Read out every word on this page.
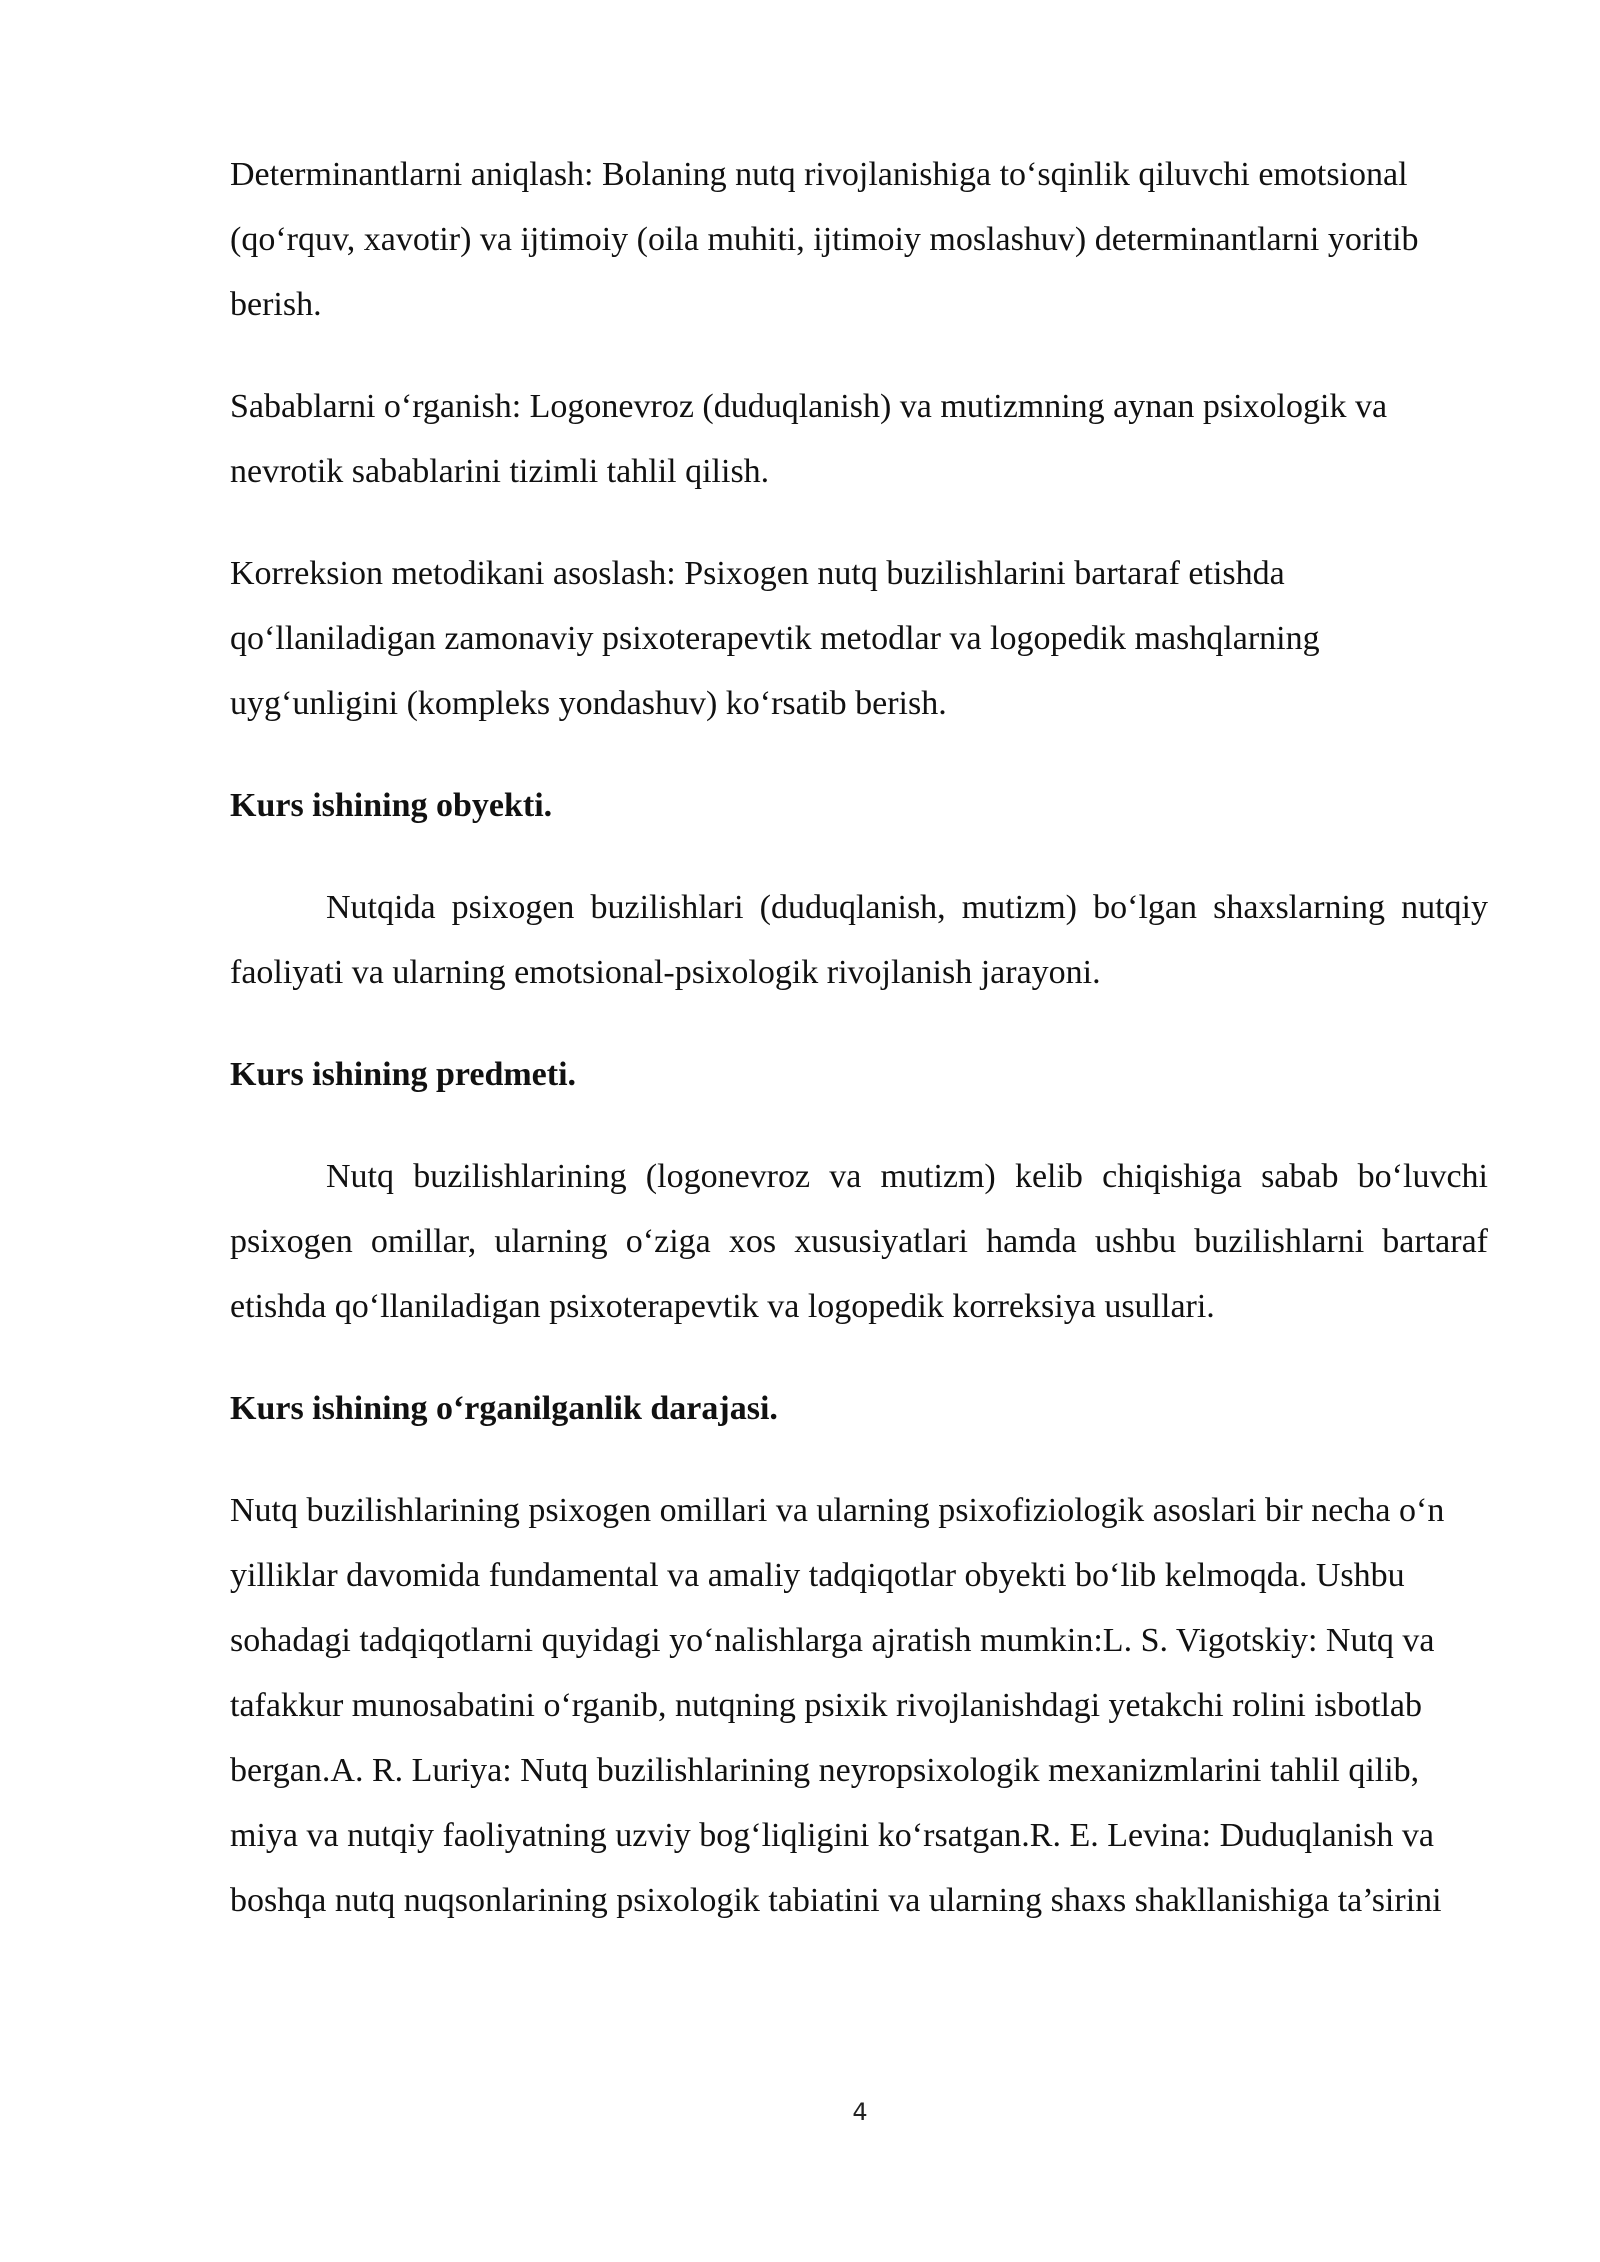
Determinantlarni aniqlash: Bolaning nutq rivojlanishiga to‘sqinlik qiluvchi emotsional (qo‘rquv, xavotir) va ijtimoiy (oila muhiti, ijtimoiy moslashuv) determinantlarni yoritib berish.

Sabablarni o‘rganish: Logonevroz (duduqlanish) va mutizmning aynan psixologik va nevrotik sabablarini tizimli tahlil qilish.

Korreksion metodikani asoslash: Psixogen nutq buzilishlarini bartaraf etishda qo‘llaniladigan zamonaviy psixoterapevtik metodlar va logopedik mashqlarning uyg‘unligini (kompleks yondashuv) ko‘rsatib berish.

Kurs ishining obyekti.

Nutqida psixogen buzilishlari (duduqlanish, mutizm) bo‘lgan shaxslarning nutqiy faoliyati va ularning emotsional-psixologik rivojlanish jarayoni.

Kurs ishining predmeti.

Nutq buzilishlarining (logonevroz va mutizm) kelib chiqishiga sabab bo‘luvchi psixogen omillar, ularning o‘ziga xos xususiyatlari hamda ushbu buzilishlarni bartaraf etishda qo‘llaniladigan psixoterapevtik va logopedik korreksiya usullari.

Kurs ishining o‘rganilganlik darajasi.

Nutq buzilishlarining psixogen omillari va ularning psixofiziologik asoslari bir necha o‘n yilliklar davomida fundamental va amaliy tadqiqotlar obyekti bo‘lib kelmoqda. Ushbu sohadagi tadqiqotlarni quyidagi yo‘nalishlarga ajratish mumkin:L. S. Vigotskiy: Nutq va tafakkur munosabatini o‘rganib, nutqning psixik rivojlanishdagi yetakchi rolini isbotlab bergan.A. R. Luriya: Nutq buzilishlarining neyropsixologik mexanizmlarini tahlil qilib, miya va nutqiy faoliyatning uzviy bog‘liqligini ko‘rsatgan.R. E. Levina: Duduqlanish va boshqa nutq nuqsonlarining psixologik tabiatini va ularning shaxs shakllanishiga ta’sirini

4
